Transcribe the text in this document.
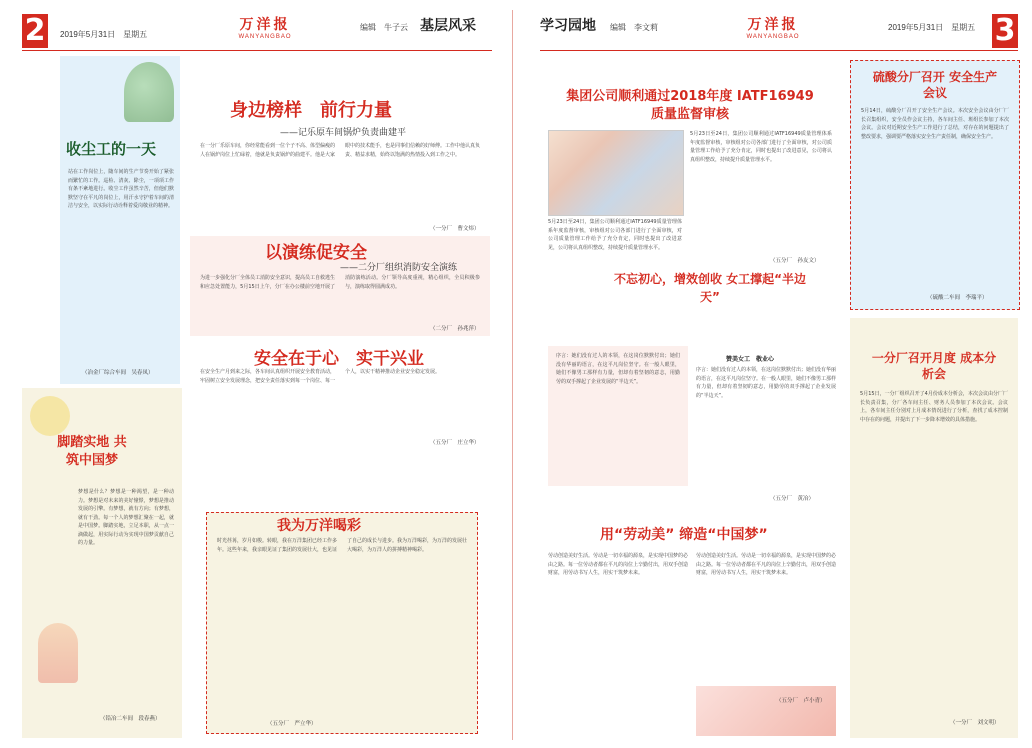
2	2019年5月31日　星期五
万洋报
WANYANGBAO
编辑　牛子云 基层风采
收尘工的一天
站在工作岗位上，随车间的生产节奏开始了紧张而繁忙的工作。巡检、清灰、除尘，一项项工作有条不紊地进行。收尘工作虽然辛苦，但他们默默坚守在平凡的岗位上，用汗水守护着车间的清洁与安全，以实际行动诠释着爱岗敬业的精神。
（冶金厂综合车间　吴春凤）
脚踏实地 共筑中国梦
梦想是什么？梦想是一种渴望，是一种动力。梦想是对未来的美好憧憬，梦想是推动发展的引擎。有梦想，就有方向；有梦想，就有干劲。每一个人的梦想汇聚在一起，就是中国梦。脚踏实地，立足本职，从一点一滴做起，用实际行动为实现中国梦贡献自己的力量。
（铅冶二车间　段春燕）
身边榜样　前行力量
——记乐原车间锅炉负责曲建平
在一分厂乐原车间，你经常能看到一位个子不高、体型偏瘦的人在锅炉岗位上忙碌着，他就是负责锅炉的曲建平。他是大家眼中的技术能手，也是同事们信赖的好师傅。工作中他认真负责、精益求精，始终以饱满的热情投入到工作之中。
（一分厂　曹文炜）
以演练促安全
——二分厂组织消防安全演练
为进一步强化分厂全体员工消防安全意识，提高员工自救逃生和应急处置能力，5月15日上午，分厂在办公楼前空地开展了消防演练活动。分厂领导高度重视，精心组织，全员积极参与，演练取得圆满成功。
（二分厂　孙兆萍）
安全在于心　实干兴业
在安全生产月到来之际，各车间认真组织开展安全教育活动，牢固树立安全发展理念，把安全责任落实到每一个岗位、每一个人，以实干精神推动企业安全稳定发展。
（五分厂　庄立华）
我为万洋喝彩
时光荏苒，岁月如梭。转眼，我在万洋集团已经工作多年。这些年来，我亲眼见证了集团的发展壮大，也见证了自己的成长与进步。我为万洋喝彩，为万洋的发展壮大喝彩，为万洋人的拼搏精神喝彩。
（五分厂　严立华）
学习园地 编辑　李文莉	万洋报
WANYANGBAO
2019年5月31日　星期五 3
集团公司顺利通过2018年度 IATF16949质量监督审核
5月23日至24日，集团公司顺利通过IATF16949质量管理体系年度监督审核，审核组对公司各部门进行了全面审核，对公司质量管理工作给予了充分肯定，同时也提出了改进意见，公司将认真组织整改，持续提升质量管理水平。
5月23日至24日，集团公司顺利通过IATF16949质量管理体系年度监督审核，审核组对公司各部门进行了全面审核，对公司质量管理工作给予了充分肯定，同时也提出了改进意见，公司将认真组织整改，持续提升质量管理水平。
（五分厂　孙友文）
不忘初心，增效创收 女工撑起“半边天”
序言：她们没有过人的本领，在这岗位默默付出；她们没有华丽的语言，在这平凡岗位坚守。在一般人眼里，她们不像男工那样有力量，但却有着坚韧的意志，用勤劳的双手撑起了企业发展的“半边天”。
赞美女工　敬业心
序言：她们没有过人的本领，在这岗位默默付出；她们没有华丽的语言，在这平凡岗位坚守。在一般人眼里，她们不像男工那样有力量，但却有着坚韧的意志，用勤劳的双手撑起了企业发展的“半边天”。
（五分厂　黄冶）
用“劳动美” 缔造“中国梦”
劳动创造美好生活。劳动是一切幸福的源泉，是实现中国梦的必由之路。每一位劳动者都在平凡的岗位上辛勤付出，用双手创造财富，用劳动书写人生，用实干筑梦未来。
劳动创造美好生活。劳动是一切幸福的源泉，是实现中国梦的必由之路。每一位劳动者都在平凡的岗位上辛勤付出，用双手创造财富，用劳动书写人生，用实干筑梦未来。
（五分厂　卢小青）
硫酸分厂召开 安全生产会议
5月14日，硫酸分厂召开了安全生产会议。本次安全会议由分厂厂长召集组织，安全员作会议主持，各车间主任、班组长参加了本次会议。会议对近期安全生产工作进行了总结，对存在的问题提出了整改要求，强调要严格落实安全生产责任制，确保安全生产。
（硫酸二车间　李瑞平）
一分厂召开月度 成本分析会
5月15日，一分厂组织召开了4月份成本分析会，本次会议由分厂厂长负责召集，分厂各车间主任、财务人员参加了本次会议。会议上，各车间主任分别对上月成本情况进行了分析，查找了成本控制中存在的问题，并提出了下一步降本增效的具体措施。
（一分厂　刘文明）
